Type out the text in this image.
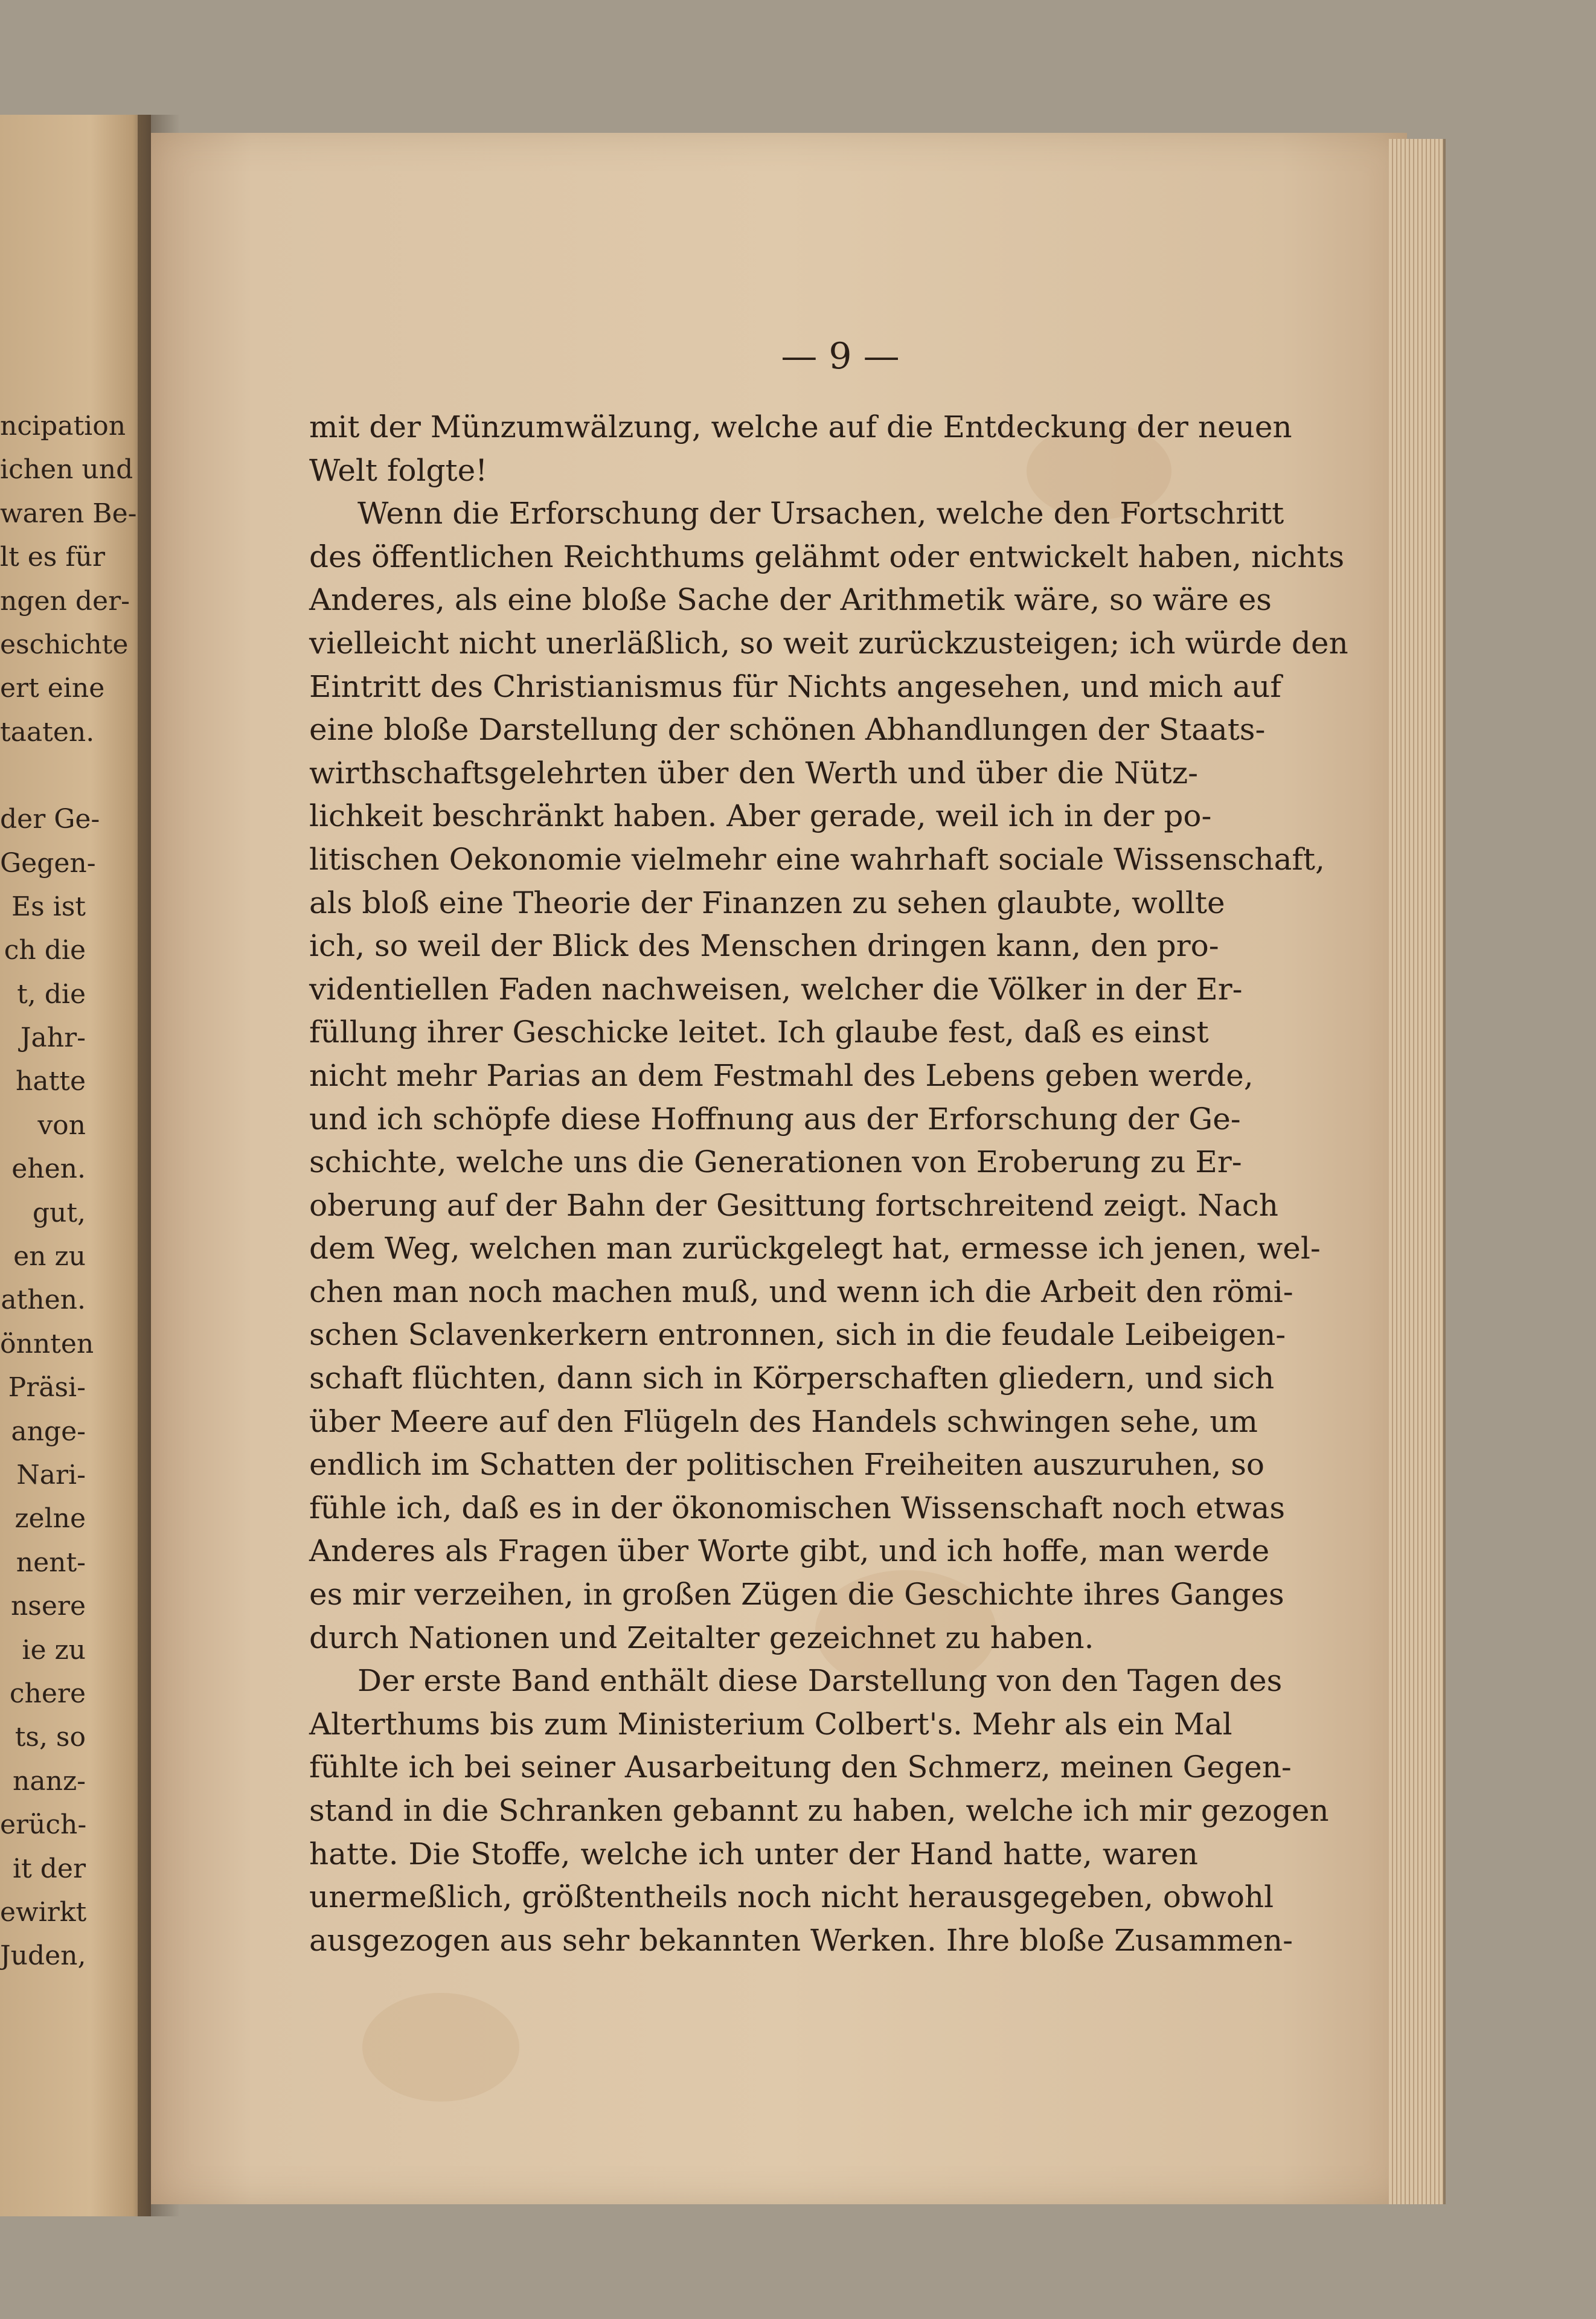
ncipation
ichen und
waren Be-
lt es für
ngen der-
eschichte
ert eine
taaten.
der Ge-
Gegen-
Es ist
ch die
t, die
Jahr-
hatte
von
ehen.
gut,
en zu
athen.
önnten
Präsi-
ange-
Nari-
zelne
nent-
nsere
ie zu
chere
ts, so
nanz-
erüch-
it der
ewirkt
Juden,
— 9 —
mit der Münzumwälzung, welche auf die Entdeckung der neuen
Welt folgte!
Wenn die Erforschung der Ursachen, welche den Fortschritt
des öffentlichen Reichthums gelähmt oder entwickelt haben, nichts
Anderes, als eine bloße Sache der Arithmetik wäre, so wäre es
vielleicht nicht unerläßlich, so weit zurückzusteigen; ich würde den
Eintritt des Christianismus für Nichts angesehen, und mich auf
eine bloße Darstellung der schönen Abhandlungen der Staats-
wirthschaftsgelehrten über den Werth und über die Nütz-
lichkeit beschränkt haben. Aber gerade, weil ich in der po-
litischen Oekonomie vielmehr eine wahrhaft sociale Wissenschaft,
als bloß eine Theorie der Finanzen zu sehen glaubte, wollte
ich, so weil der Blick des Menschen dringen kann, den pro-
videntiellen Faden nachweisen, welcher die Völker in der Er-
füllung ihrer Geschicke leitet. Ich glaube fest, daß es einst
nicht mehr Parias an dem Festmahl des Lebens geben werde,
und ich schöpfe diese Hoffnung aus der Erforschung der Ge-
schichte, welche uns die Generationen von Eroberung zu Er-
oberung auf der Bahn der Gesittung fortschreitend zeigt. Nach
dem Weg, welchen man zurückgelegt hat, ermesse ich jenen, wel-
chen man noch machen muß, und wenn ich die Arbeit den römi-
schen Sclavenkerkern entronnen, sich in die feudale Leibeigen-
schaft flüchten, dann sich in Körperschaften gliedern, und sich
über Meere auf den Flügeln des Handels schwingen sehe, um
endlich im Schatten der politischen Freiheiten auszuruhen, so
fühle ich, daß es in der ökonomischen Wissenschaft noch etwas
Anderes als Fragen über Worte gibt, und ich hoffe, man werde
es mir verzeihen, in großen Zügen die Geschichte ihres Ganges
durch Nationen und Zeitalter gezeichnet zu haben.
Der erste Band enthält diese Darstellung von den Tagen des
Alterthums bis zum Ministerium Colbert's. Mehr als ein Mal
fühlte ich bei seiner Ausarbeitung den Schmerz, meinen Gegen-
stand in die Schranken gebannt zu haben, welche ich mir gezogen
hatte. Die Stoffe, welche ich unter der Hand hatte, waren
unermeßlich, größtentheils noch nicht herausgegeben, obwohl
ausgezogen aus sehr bekannten Werken. Ihre bloße Zusammen-
